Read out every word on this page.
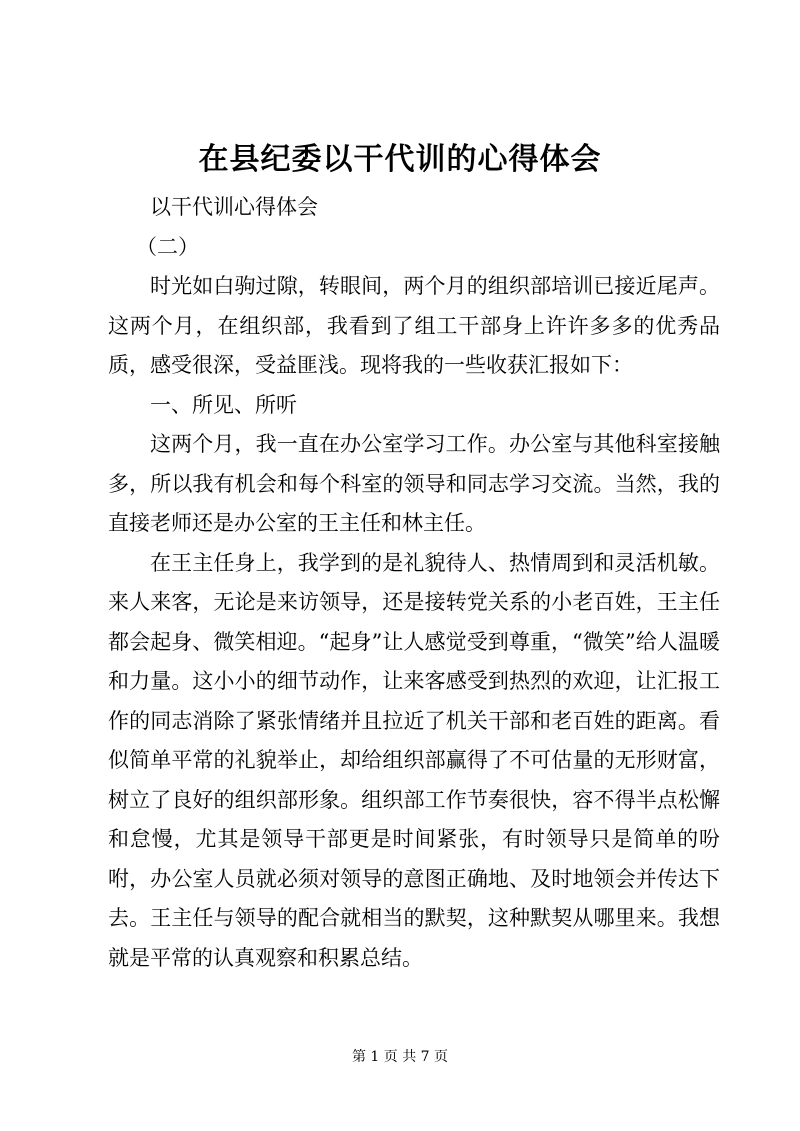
在县纪委以干代训的心得体会

以干代训心得体会

（二）

时光如白驹过隙，转眼间，两个月的组织部培训已接近尾声。这两个月，在组织部，我看到了组工干部身上许许多多的优秀品质，感受很深，受益匪浅。现将我的一些收获汇报如下：

一、所见、所听

这两个月，我一直在办公室学习工作。办公室与其他科室接触多，所以我有机会和每个科室的领导和同志学习交流。当然，我的直接老师还是办公室的王主任和林主任。

在王主任身上，我学到的是礼貌待人、热情周到和灵活机敏。来人来客，无论是来访领导，还是接转党关系的小老百姓，王主任都会起身、微笑相迎。“起身”让人感觉受到尊重，“微笑”给人温暖和力量。这小小的细节动作，让来客感受到热烈的欢迎，让汇报工作的同志消除了紧张情绪并且拉近了机关干部和老百姓的距离。看似简单平常的礼貌举止，却给组织部赢得了不可估量的无形财富，树立了良好的组织部形象。组织部工作节奏很快，容不得半点松懈和怠慢，尤其是领导干部更是时间紧张，有时领导只是简单的吩咐，办公室人员就必须对领导的意图正确地、及时地领会并传达下去。王主任与领导的配合就相当的默契，这种默契从哪里来。我想就是平常的认真观察和积累总结。

第 1 页 共 7 页
